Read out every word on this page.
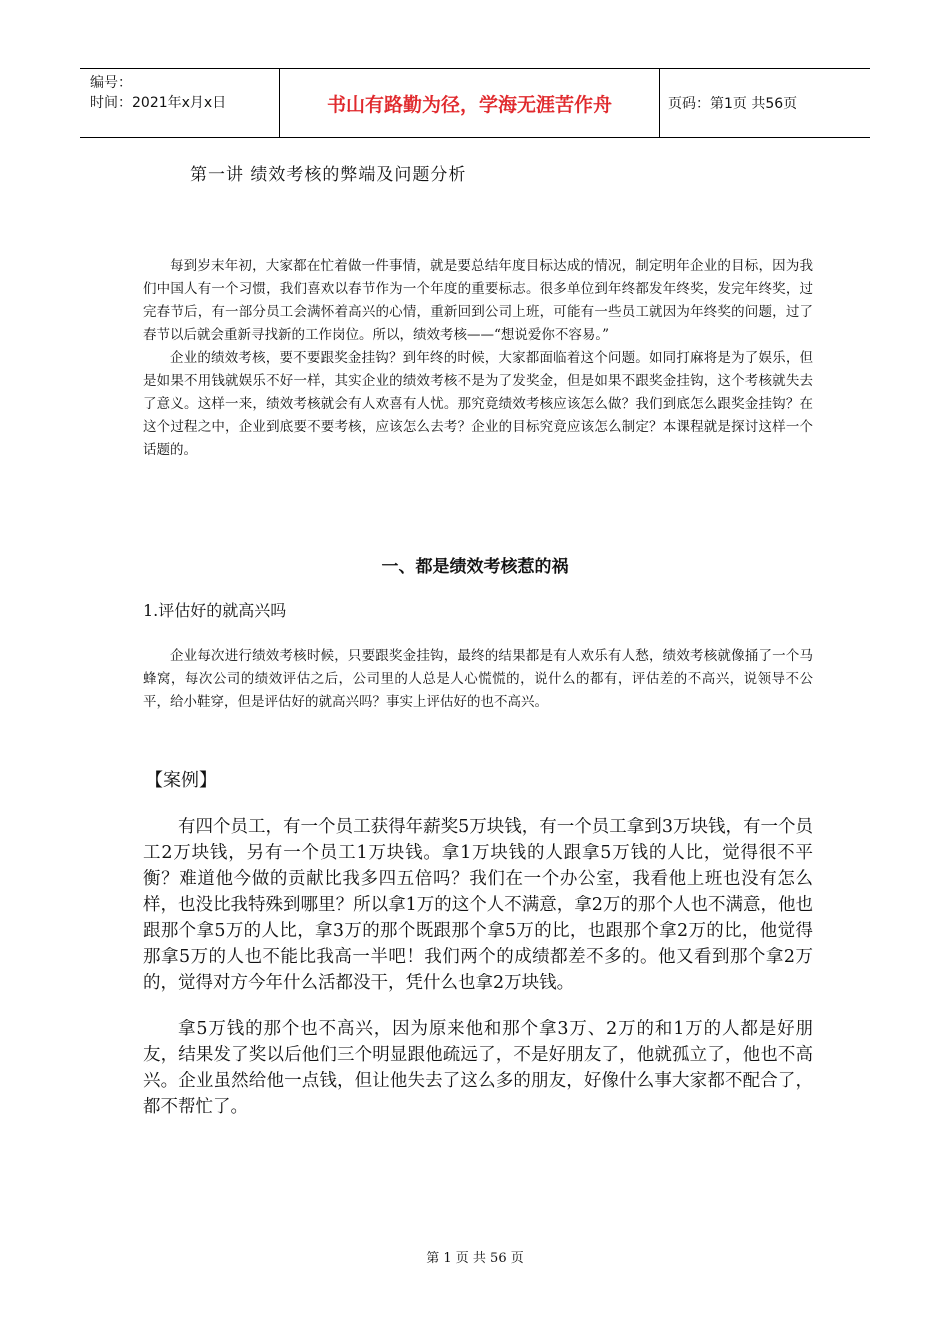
编号：
时间：2021年x月x日	书山有路勤为径，学海无涯苦作舟	页码：第1页 共56页
第一讲 绩效考核的弊端及问题分析

每到岁末年初，大家都在忙着做一件事情，就是要总结年度目标达成的情况，制定明年企业的目标，因为我们中国人有一个习惯，我们喜欢以春节作为一个年度的重要标志。很多单位到年终都发年终奖，发完年终奖，过完春节后，有一部分员工会满怀着高兴的心情，重新回到公司上班，可能有一些员工就因为年终奖的问题，过了春节以后就会重新寻找新的工作岗位。所以，绩效考核——“想说爱你不容易。”

企业的绩效考核，要不要跟奖金挂钩？到年终的时候，大家都面临着这个问题。如同打麻将是为了娱乐，但是如果不用钱就娱乐不好一样，其实企业的绩效考核不是为了发奖金，但是如果不跟奖金挂钩，这个考核就失去了意义。这样一来，绩效考核就会有人欢喜有人忧。那究竟绩效考核应该怎么做？我们到底怎么跟奖金挂钩？在这个过程之中，企业到底要不要考核，应该怎么去考？企业的目标究竟应该怎么制定？本课程就是探讨这样一个话题的。

一、都是绩效考核惹的祸
1.评估好的就高兴吗

企业每次进行绩效考核时候，只要跟奖金挂钩，最终的结果都是有人欢乐有人愁，绩效考核就像捅了一个马蜂窝，每次公司的绩效评估之后，公司里的人总是人心慌慌的，说什么的都有，评估差的不高兴，说领导不公平，给小鞋穿，但是评估好的就高兴吗？事实上评估好的也不高兴。

【案例】

有四个员工，有一个员工获得年薪奖5万块钱，有一个员工拿到3万块钱，有一个员工2万块钱，另有一个员工1万块钱。拿1万块钱的人跟拿5万钱的人比，觉得很不平衡？难道他今做的贡献比我多四五倍吗？我们在一个办公室，我看他上班也没有怎么样，也没比我特殊到哪里？所以拿1万的这个人不满意，拿2万的那个人也不满意，他也跟那个拿5万的人比，拿3万的那个既跟那个拿5万的比，也跟那个拿2万的比，他觉得那拿5万的人也不能比我高一半吧！我们两个的成绩都差不多的。他又看到那个拿2万的，觉得对方今年什么活都没干，凭什么也拿2万块钱。

拿5万钱的那个也不高兴，因为原来他和那个拿3万、2万的和1万的人都是好朋友，结果发了奖以后他们三个明显跟他疏远了，不是好朋友了，他就孤立了，他也不高兴。企业虽然给他一点钱，但让他失去了这么多的朋友，好像什么事大家都不配合了，都不帮忙了。

第 1 页 共 56 页
